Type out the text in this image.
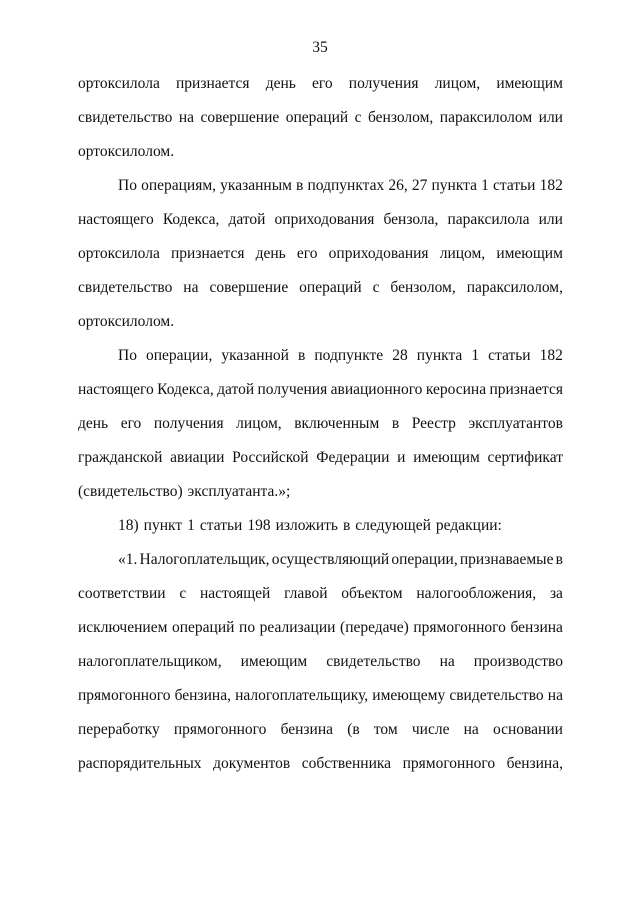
35
ортоксилола признается день его получения лицом, имеющим
свидетельство на совершение операций с бензолом, параксилолом или
ортоксилолом.
По операциям, указанным в подпунктах 26, 27 пункта 1 статьи 182
настоящего Кодекса, датой оприходования бензола, параксилола или
ортоксилола признается день его оприходования лицом, имеющим
свидетельство на совершение операций с бензолом, параксилолом,
ортоксилолом.
По операции, указанной в подпункте 28 пункта 1 статьи 182
настоящего Кодекса, датой получения авиационного керосина признается
день его получения лицом, включенным в Реестр эксплуатантов
гражданской авиации Российской Федерации и имеющим сертификат
(свидетельство) эксплуатанта.»;
18) пункт 1 статьи 198 изложить в следующей редакции:
«1. Налогоплательщик, осуществляющий операции, признаваемые в
соответствии с настоящей главой объектом налогообложения, за
исключением операций по реализации (передаче) прямогонного бензина
налогоплательщиком, имеющим свидетельство на производство
прямогонного бензина, налогоплательщику, имеющему свидетельство на
переработку прямогонного бензина (в том числе на основании
распорядительных документов собственника прямогонного бензина,
